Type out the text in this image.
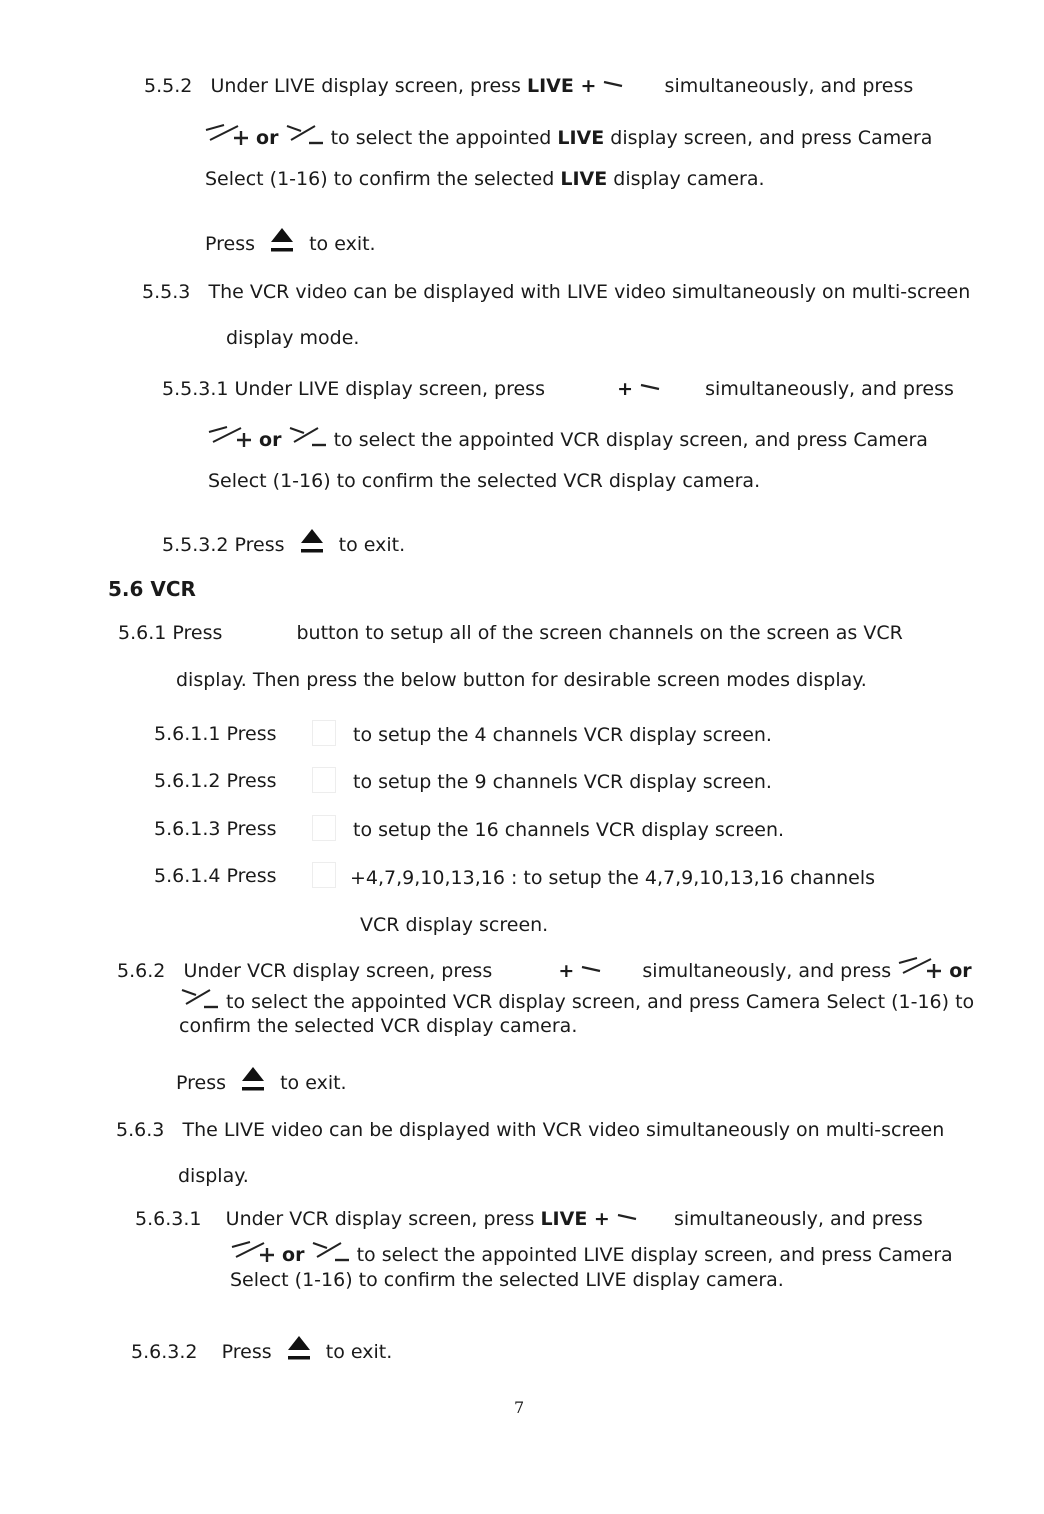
5.5.2 Under LIVE display screen, press LIVE +	simultaneously, and press
or	to select the appointed LIVE display screen, and press Camera
Select (1-16) to confirm the selected LIVE display camera.
Press	to exit.
5.5.3 The VCR video can be displayed with LIVE video simultaneously on multi-screen
display mode.
5.5.3.1 Under LIVE display screen, press	+	simultaneously, and press
or	to select the appointed VCR display screen, and press Camera
Select (1-16) to confirm the selected VCR display camera.
5.5.3.2 Press	to exit.
5.6 VCR
5.6.1 Press	button to setup all of the screen channels on the screen as VCR
display. Then press the below button for desirable screen modes display.
5.6.1.1 Press	to setup the 4 channels VCR display screen.
5.6.1.2 Press	to setup the 9 channels VCR display screen.
5.6.1.3 Press	to setup the 16 channels VCR display screen.
5.6.1.4 Press	+4,7,9,10,13,16 : to setup the 4,7,9,10,13,16 channels
VCR display screen.
5.6.2 Under VCR display screen, press	+	simultaneously, and press	or
to select the appointed VCR display screen, and press Camera Select (1-16) to
confirm the selected VCR display camera.
Press	to exit.
5.6.3 The LIVE video can be displayed with VCR video simultaneously on multi-screen
display.
5.6.3.1 Under VCR display screen, press LIVE +	simultaneously, and press
or	to select the appointed LIVE display screen, and press Camera
Select (1-16) to confirm the selected LIVE display camera.
5.6.3.2 Press	to exit.
7
